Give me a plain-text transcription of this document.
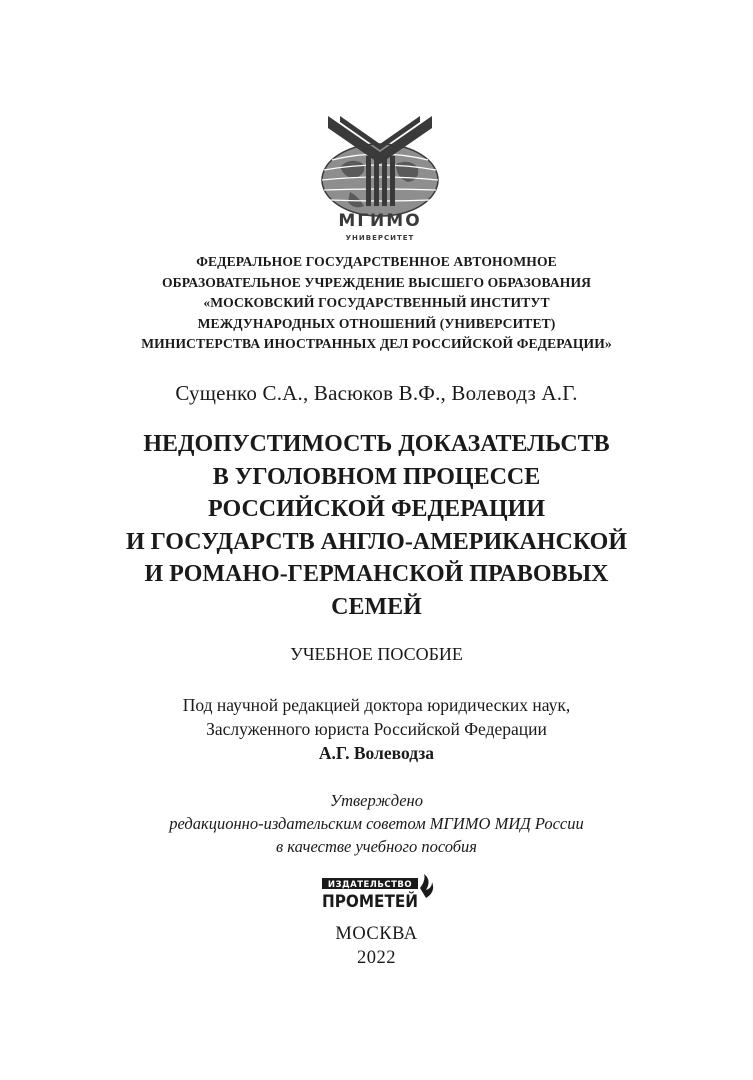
МГИМО
УНИВЕРСИТЕТ
ФЕДЕРАЛЬНОЕ ГОСУДАРСТВЕННОЕ АВТОНОМНОЕ
ОБРАЗОВАТЕЛЬНОЕ УЧРЕЖДЕНИЕ ВЫСШЕГО ОБРАЗОВАНИЯ
«МОСКОВСКИЙ ГОСУДАРСТВЕННЫЙ ИНСТИТУТ
МЕЖДУНАРОДНЫХ ОТНОШЕНИЙ (УНИВЕРСИТЕТ)
МИНИСТЕРСТВА ИНОСТРАННЫХ ДЕЛ РОССИЙСКОЙ ФЕДЕРАЦИИ»
Сущенко С.А., Васюков В.Ф., Волеводз А.Г.
НЕДОПУСТИМОСТЬ ДОКАЗАТЕЛЬСТВ
В УГОЛОВНОМ ПРОЦЕССЕ
РОССИЙСКОЙ ФЕДЕРАЦИИ
И ГОСУДАРСТВ АНГЛО-АМЕРИКАНСКОЙ
И РОМАНО-ГЕРМАНСКОЙ ПРАВОВЫХ
СЕМЕЙ
УЧЕБНОЕ ПОСОБИЕ
Под научной редакцией доктора юридических наук,
Заслуженного юриста Российской Федерации
А.Г. Волеводза
Утверждено
редакционно-издательским советом МГИМО МИД России
в качестве учебного пособия
ИЗДАТЕЛЬСТВО
ПРОМЕТЕЙ
МОСКВА
2022
